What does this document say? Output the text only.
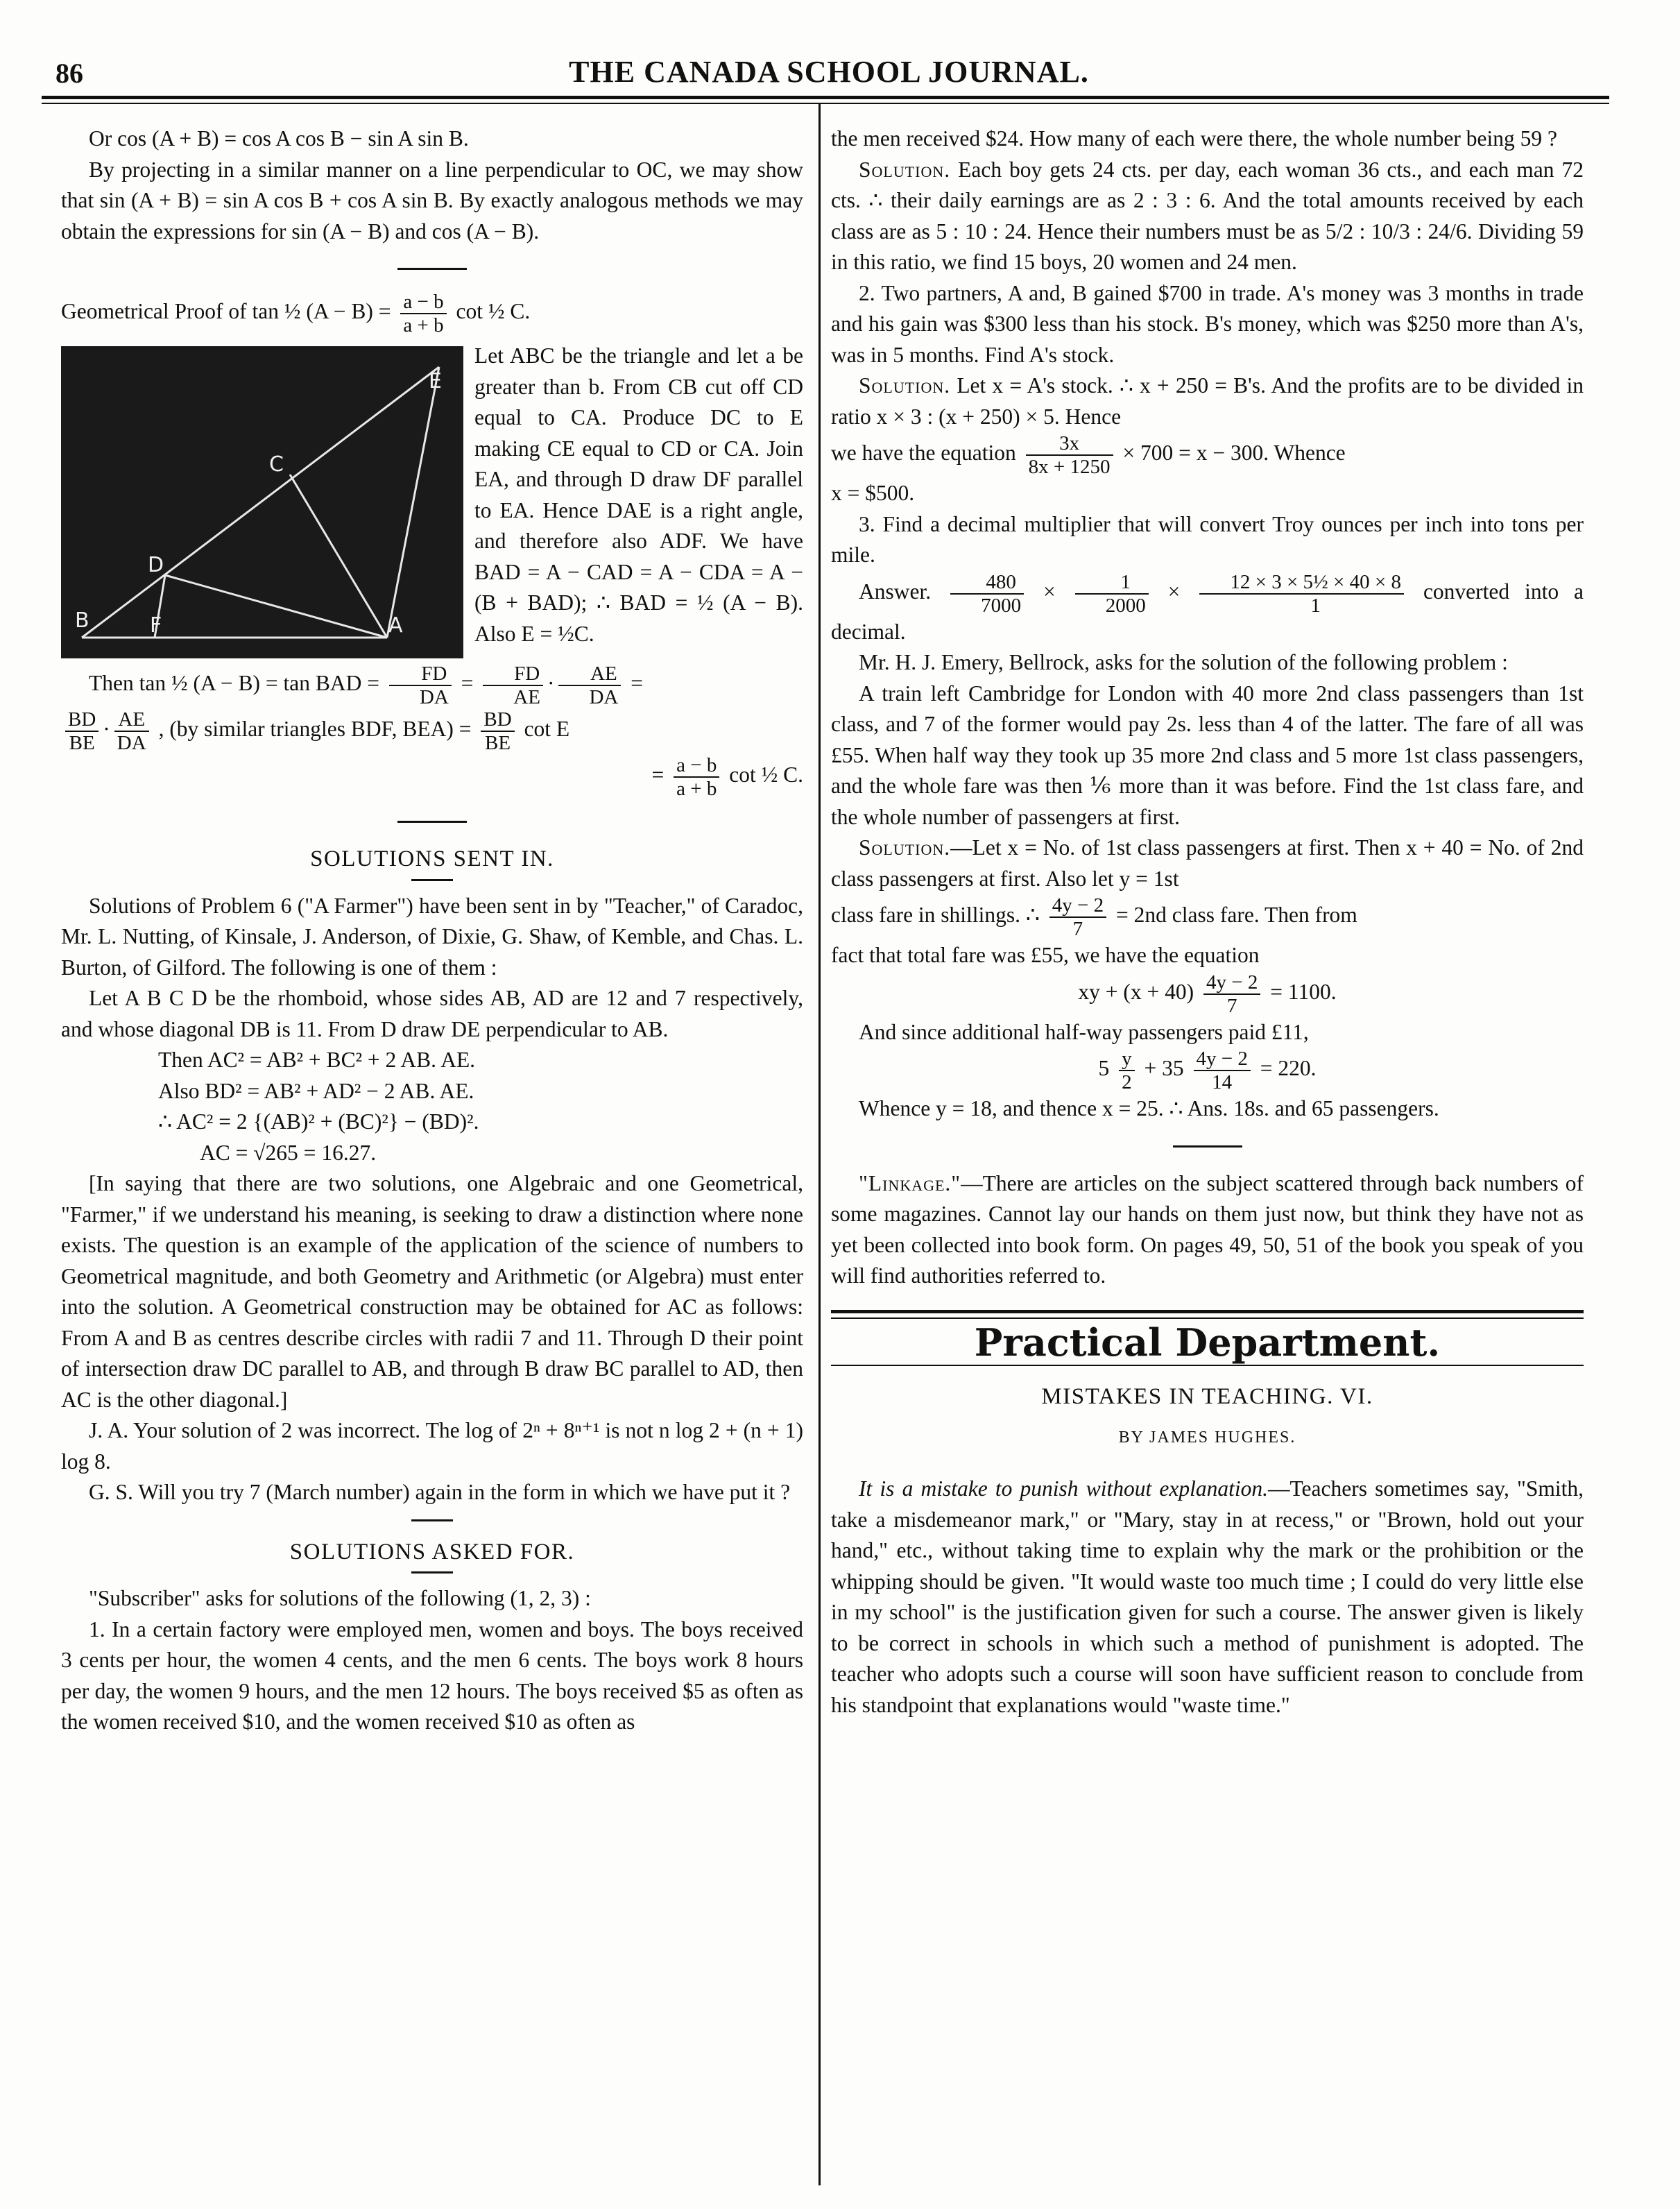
86	THE CANADA SCHOOL JOURNAL.

Or cos (A + B) = cos A cos B − sin A sin B.

By projecting in a similar manner on a line perpendicular to OC, we may show that sin (A + B) = sin A cos B + cos A sin B. By exactly analogous methods we may obtain the expressions for sin (A − B) and cos (A − B).

Geometrical Proof of tan ½ $(A - B) = \frac{a - b}{a + b}$ cot ½ C.

E
C
D
B	F	A

Let ABC be the triangle and let a be greater than b. From CB cut off CD equal to CA. Produce DC to E making CE equal to CD or CA. Join EA, and through D draw DF parallel to EA. Hence DAE is a right angle, and therefore also ADF. We have BAD = A − CAD = A − CDA = A − (B + BAD); ∴ BAD = ½ (A − B). Also E = ½C.

Then tan ½ (A − B) = tan BAD = $\frac{FD}{DA} = \frac{FD}{AE} \cdot \frac{AE}{DA}$ =

$\frac{BD}{BE} \cdot \frac{AE}{DA}$ , (by similar triangles BDF, $BEA) = \frac{BD}{BE}$ cot E

= $\frac{a - b}{a + b}$ cot ½ C.

SOLUTIONS SENT IN.

Solutions of Problem 6 ("A Farmer") have been sent in by "Teacher," of Caradoc, Mr. L. Nutting, of Kinsale, J. Anderson, of Dixie, G. Shaw, of Kemble, and Chas. L. Burton, of Gilford. The following is one of them :

Let A B C D be the rhomboid, whose sides AB, AD are 12 and 7 respectively, and whose diagonal DB is 11. From D draw DE perpendicular to AB.

Then AC² = AB² + BC² + 2 AB. AE.

Also BD² = AB² + AD² − 2 AB. AE.

∴ AC² = 2 {(AB)² + (BC)²} − (BD)².

AC = √265 = 16.27.

[In saying that there are two solutions, one Algebraic and one Geometrical, "Farmer," if we understand his meaning, is seeking to draw a distinction where none exists. The question is an example of the application of the science of numbers to Geometrical magnitude, and both Geometry and Arithmetic (or Algebra) must enter into the solution. A Geometrical construction may be obtained for AC as follows: From A and B as centres describe circles with radii 7 and 11. Through D their point of intersection draw DC parallel to AB, and through B draw BC parallel to AD, then AC is the other diagonal.]

J. A. Your solution of 2 was incorrect. The log of 2ⁿ + 8ⁿ⁺¹ is not n log 2 + (n + 1) log 8.

G. S. Will you try 7 (March number) again in the form in which we have put it ?

SOLUTIONS ASKED FOR.

"Subscriber" asks for solutions of the following (1, 2, 3) :

1. In a certain factory were employed men, women and boys. The boys received 3 cents per hour, the women 4 cents, and the men 6 cents. The boys work 8 hours per day, the women 9 hours, and the men 12 hours. The boys received $5 as often as the women received $10, and the women received $10 as often as

the men received $24. How many of each were there, the whole number being 59 ?

Solution. Each boy gets 24 cts. per day, each woman 36 cts., and each man 72 cts. ∴ their daily earnings are as 2 : 3 : 6. And the total amounts received by each class are as 5 : 10 : 24. Hence their numbers must be as 5/2 : 10/3 : 24/6. Dividing 59 in this ratio, we find 15 boys, 20 women and 24 men.

2. Two partners, A and, B gained $700 in trade. A's money was 3 months in trade and his gain was $300 less than his stock. B's money, which was $250 more than A's, was in 5 months. Find A's stock.

Solution. Let x = A's stock. ∴ x + 250 = B's. And the profits are to be divided in ratio x × 3 : (x + 250) × 5. Hence

we have the equation $\frac{3x}{8x + 1250} \times 700 = x - 300$. Whence

x = $500.

3. Find a decimal multiplier that will convert Troy ounces per inch into tons per mile.

Answer. $\frac{480}{7000} \times \frac{1}{2000} \times \frac{\text{12 × 3 × 5½ × 40 × 8}}{1}$ converted into a decimal.

Mr. H. J. Emery, Bellrock, asks for the solution of the following problem :

A train left Cambridge for London with 40 more 2nd class passengers than 1st class, and 7 of the former would pay 2s. less than 4 of the latter. The fare of all was £55. When half way they took up 35 more 2nd class and 5 more 1st class passengers, and the whole fare was then ⅙ more than it was before. Find the 1st class fare, and the whole number of passengers at first.

Solution.—Let x = No. of 1st class passengers at first. Then x + 40 = No. of 2nd class passengers at first. Also let y = 1st

class fare in shillings. ∴ $\frac{4y - 2}{7} = 2nd$ class fare. Then from

fact that total fare was £55, we have the equation

xy + $(x + 40) \frac{4y - 2}{7} = 1100$.

And since additional half-way passengers paid £11,

$5 \frac{y}{2} + 35 \frac{4y - 2}{14} = 220$.

Whence y = 18, and thence x = 25. ∴ Ans. 18s. and 65 passengers.

"Linkage."—There are articles on the subject scattered through back numbers of some magazines. Cannot lay our hands on them just now, but think they have not as yet been collected into book form. On pages 49, 50, 51 of the book you speak of you will find authorities referred to.

Practical Department.
MISTAKES IN TEACHING. VI.
BY JAMES HUGHES.

It is a mistake to punish without explanation.—Teachers sometimes say, "Smith, take a misdemeanor mark," or "Mary, stay in at recess," or "Brown, hold out your hand," etc., without taking time to explain why the mark or the prohibition or the whipping should be given. "It would waste too much time ; I could do very little else in my school" is the justification given for such a course. The answer given is likely to be correct in schools in which such a method of punishment is adopted. The teacher who adopts such a course will soon have sufficient reason to conclude from his standpoint that explanations would "waste time."
